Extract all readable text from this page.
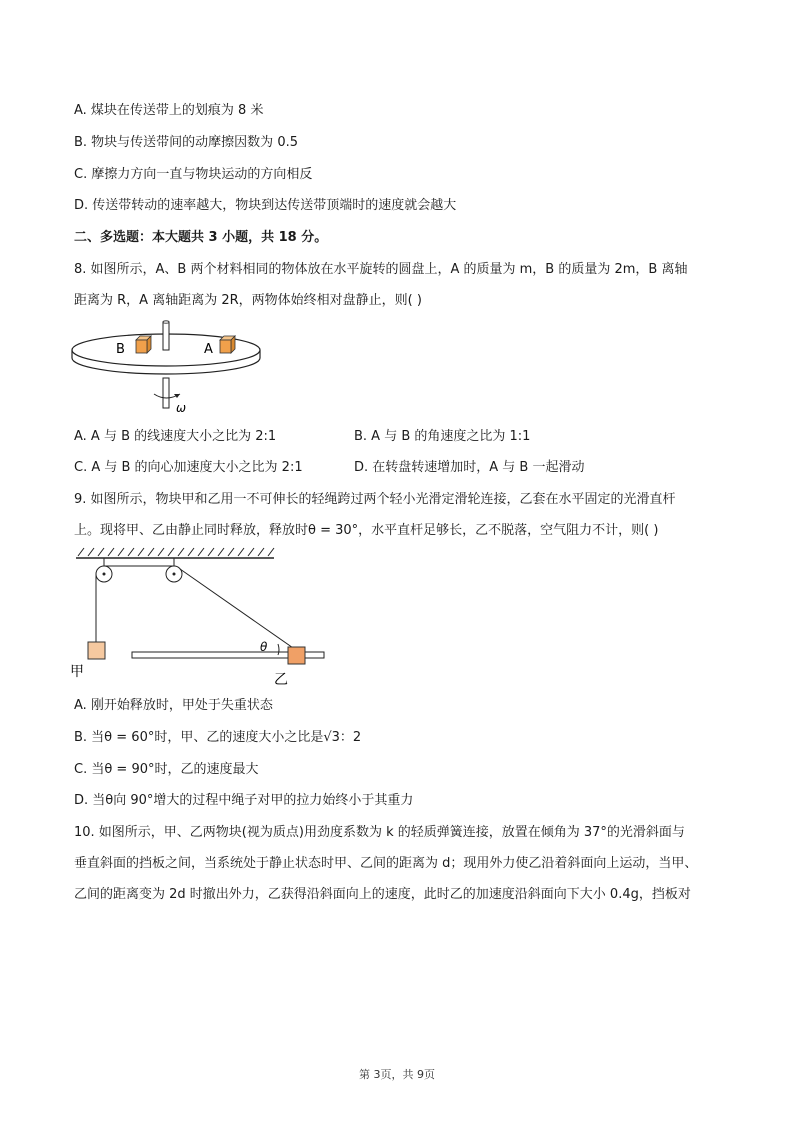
A. 煤块在传送带上的划痕为 8 米
B. 物块与传送带间的动摩擦因数为 0.5
C. 摩擦力方向一直与物块运动的方向相反
D. 传送带转动的速率越大，物块到达传送带顶端时的速度就会越大
二、多选题：本大题共 3 小题，共 18 分。
8. 如图所示，A、B 两个材料相同的物体放在水平旋转的圆盘上，A 的质量为 m，B 的质量为 2m，B 离轴
距离为 R，A 离轴距离为 2R，两物体始终相对盘静止，则( )
B	A
ω
A. A 与 B 的线速度大小之比为 2:1	B. A 与 B 的角速度之比为 1:1
C. A 与 B 的向心加速度大小之比为 2:1	D. 在转盘转速增加时，A 与 B 一起滑动
9. 如图所示，物块甲和乙用一不可伸长的轻绳跨过两个轻小光滑定滑轮连接，乙套在水平固定的光滑直杆
上。现将甲、乙由静止同时释放，释放时θ = 30°，水平直杆足够长，乙不脱落，空气阻力不计，则( )
甲	乙
θ
A. 刚开始释放时，甲处于失重状态
B. 当θ = 60°时，甲、乙的速度大小之比是√3：2
C. 当θ = 90°时，乙的速度最大
D. 当θ向 90°增大的过程中绳子对甲的拉力始终小于其重力
10. 如图所示，甲、乙两物块(视为质点)用劲度系数为 k 的轻质弹簧连接，放置在倾角为 37°的光滑斜面与
垂直斜面的挡板之间，当系统处于静止状态时甲、乙间的距离为 d；现用外力使乙沿着斜面向上运动，当甲、
乙间的距离变为 2d 时撤出外力，乙获得沿斜面向上的速度，此时乙的加速度沿斜面向下大小 0.4g，挡板对
第 3页，共 9页
